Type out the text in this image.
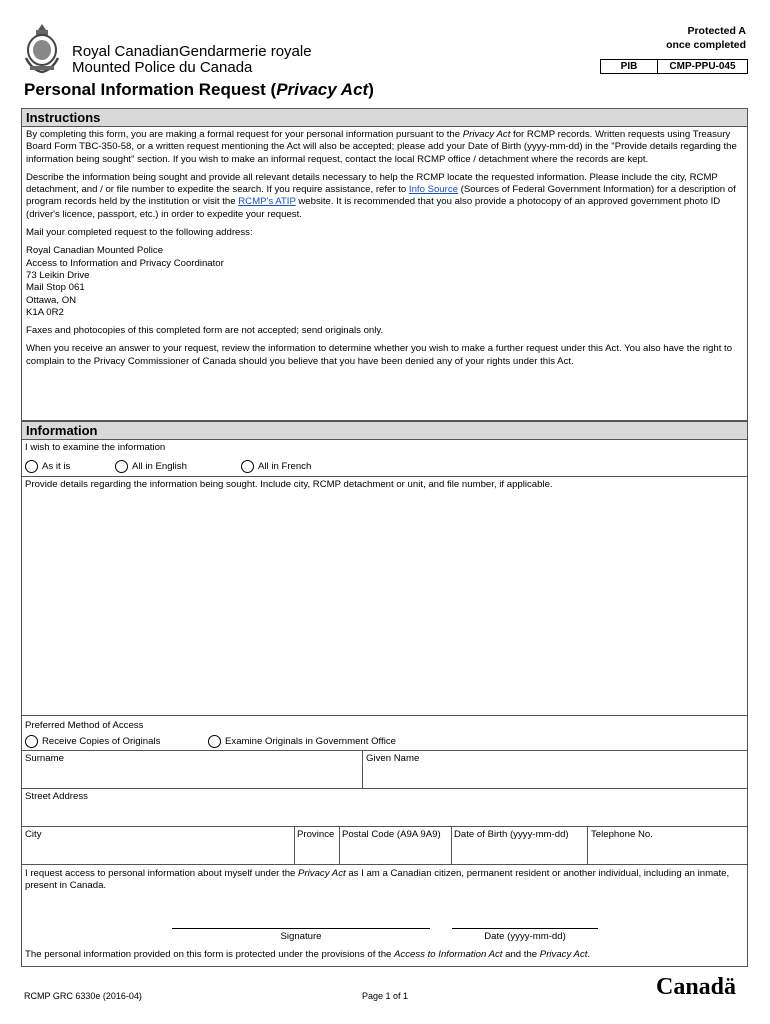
Royal Canadian
Mounted Police
Gendarmerie royale
du Canada
Protected A
once completed
PIB	CMP-PPU-045
Personal Information Request (Privacy Act)
Instructions

By completing this form, you are making a formal request for your personal information pursuant to the Privacy Act for RCMP records. Written requests using Treasury Board Form TBC-350-58, or a written request mentioning the Act will also be accepted; please add your Date of Birth (yyyy-mm-dd) in the "Provide details regarding the information being sought" section. If you wish to make an informal request, contact the local RCMP office / detachment where the records are kept.

Describe the information being sought and provide all relevant details necessary to help the RCMP locate the requested information. Please include the city, RCMP detachment, and / or file number to expedite the search. If you require assistance, refer to Info Source (Sources of Federal Government Information) for a description of program records held by the institution or visit the RCMP's ATIP website. It is recommended that you also provide a photocopy of an approved government photo ID (driver's licence, passport, etc.) in order to expedite your request.

Mail your completed request to the following address:

Royal Canadian Mounted Police
Access to Information and Privacy Coordinator
73 Leikin Drive
Mail Stop 061
Ottawa, ON
K1A 0R2

Faxes and photocopies of this completed form are not accepted; send originals only.

When you receive an answer to your request, review the information to determine whether you wish to make a further request under this Act. You also have the right to complain to the Privacy Commissioner of Canada should you believe that you have been denied any of your rights under this Act.

Information
I wish to examine the information
As it is	All in English	All in French
Provide details regarding the information being sought. Include city, RCMP detachment or unit, and file number, if applicable.
Preferred Method of Access
Receive Copies of Originals	Examine Originals in Government Office
Surname	Given Name
Street Address
City	Province Postal Code (A9A 9A9)	Date of Birth (yyyy-mm-dd)	Telephone No.
I request access to personal information about myself under the Privacy Act as I am a Canadian citizen, permanent resident or another individual, including an inmate, present in Canada.
The personal information provided on this form is protected under the provisions of the Access to Information Act and the Privacy Act.
Signature	Date (yyyy-mm-dd)
RCMP GRC 6330e (2016-04)	Page 1 of 1	Canadä
